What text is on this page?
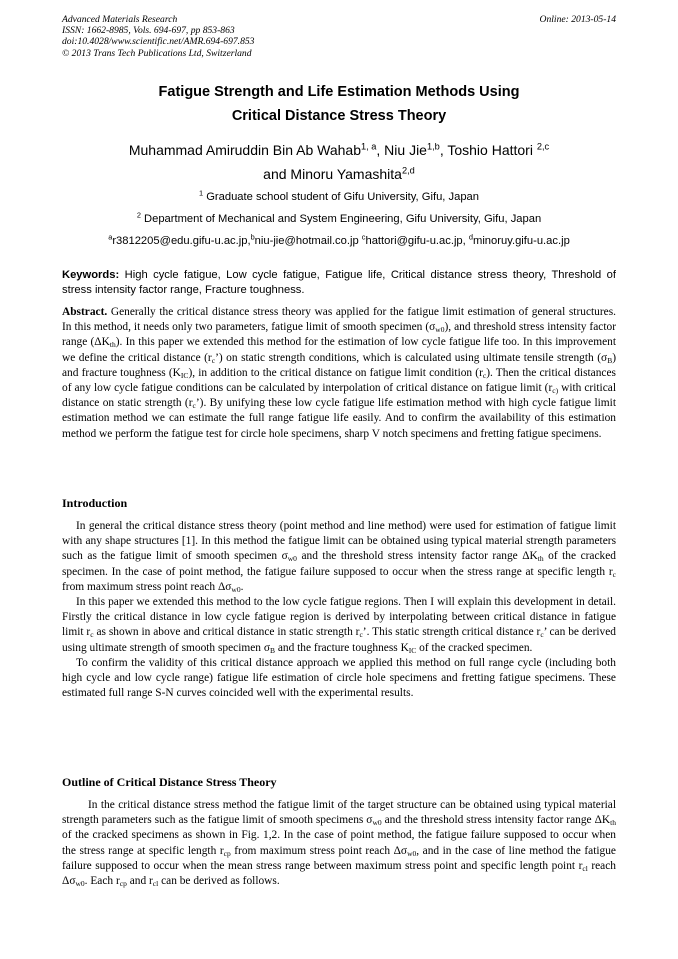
Advanced Materials Research
ISSN: 1662-8985, Vols. 694-697, pp 853-863
doi:10.4028/www.scientific.net/AMR.694-697.853
© 2013 Trans Tech Publications Ltd, Switzerland
Online: 2013-05-14
Fatigue Strength and Life Estimation Methods Using
Critical Distance Stress Theory
Muhammad Amiruddin Bin Ab Wahab$^{1, a}$, Niu Jie$^{1,b}$, Toshio Hattori $^{2,c}$
and Minoru Yamashita$^{2,d}$
$^1$ Graduate school student of Gifu University, Gifu, Japan
$^2$ Department of Mechanical and System Engineering, Gifu University, Gifu, Japan
$^a$r3812205@edu.gifu-u.ac.jp,$^b$niu-jie@hotmail.co.jp $^c$hattori@gifu-u.ac.jp, $^d$minoruy.gifu-u.ac.jp
Keywords: High cycle fatigue, Low cycle fatigue, Fatigue life, Critical distance stress theory, Threshold of stress intensity factor range, Fracture toughness.

Abstract. Generally the critical distance stress theory was applied for the fatigue limit estimation of general structures. In this method, it needs only two parameters, fatigue limit of smooth specimen $(\sigma_{w0})$, and threshold stress intensity factor range $(\Delta K_{th})$. In this paper we extended this method for the estimation of low cycle fatigue life too. In this improvement we define the critical distance $(r_c’)$ on static strength conditions, which is calculated using ultimate tensile strength $(\sigma_B)$ and fracture toughness $(K_{IC})$, in addition to the critical distance on fatigue limit condition $(r_c)$. Then the critical distances of any low cycle fatigue conditions can be calculated by interpolation of critical distance on fatigue limit ($r_{c)}$ with critical distance on static strength $(r_c’)$. By unifying these low cycle fatigue life estimation method with high cycle fatigue limit estimation method we can estimate the full range fatigue life easily. And to confirm the availability of this estimation method we perform the fatigue test for circle hole specimens, sharp V notch specimens and fretting fatigue specimens.

Introduction

In general the critical distance stress theory (point method and line method) were used for estimation of fatigue limit with any shape structures [1]. In this method the fatigue limit can be obtained using typical material strength parameters such as the fatigue limit of smooth specimen $\sigma_{w0}$ and the threshold stress intensity factor range $\Delta K_{th}$ of the cracked specimen. In the case of point method, the fatigue failure supposed to occur when the stress range at specific length $r_c$ from maximum stress point reach $\Delta\sigma_{w0}$.

In this paper we extended this method to the low cycle fatigue regions. Then I will explain this development in detail. Firstly the critical distance in low cycle fatigue region is derived by interpolating between critical distance in fatigue limit $r_c$ as shown in above and critical distance in static strength $r_c$’. This static strength critical distance $r_c$’ can be derived using ultimate strength of smooth specimen $\sigma_B$ and the fracture toughness $K_{IC}$ of the cracked specimen.

To confirm the validity of this critical distance approach we applied this method on full range cycle (including both high cycle and low cycle range) fatigue life estimation of circle hole specimens and fretting fatigue specimens. These estimated full range S-N curves coincided well with the experimental results.

Outline of Critical Distance Stress Theory

In the critical distance stress method the fatigue limit of the target structure can be obtained using typical material strength parameters such as the fatigue limit of smooth specimens $\sigma_{w0}$ and the threshold stress intensity factor range $\Delta K_{th}$ of the cracked specimens as shown in Fig. 1,2. In the case of point method, the fatigue failure supposed to occur when the stress range at specific length $r_{cp}$ from maximum stress point reach $\Delta\sigma_{w0}$, and in the case of line method the fatigue failure supposed to occur when the mean stress range between maximum stress point and specific length point $r_{cl}$ reach $\Delta\sigma_{w0}$. Each $r_{cp}$ and $r_{cl}$ can be derived as follows.
